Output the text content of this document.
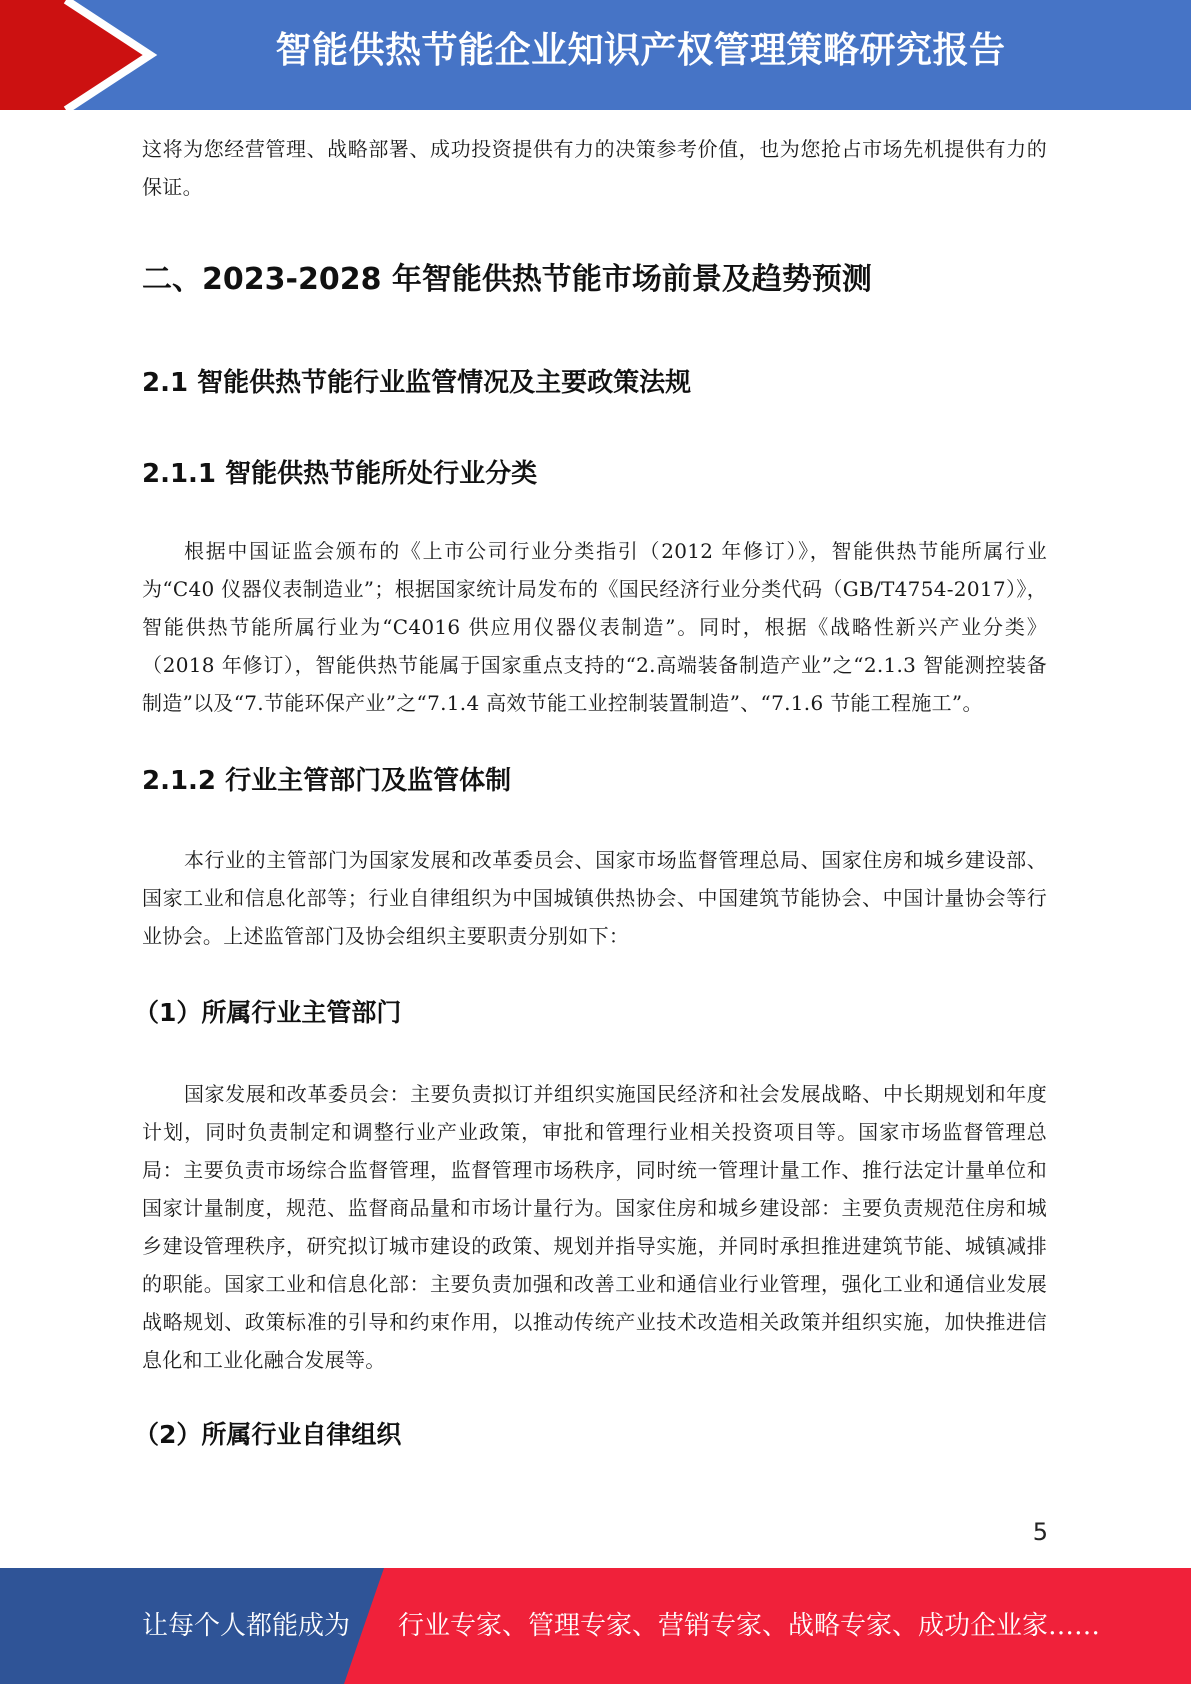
智能供热节能企业知识产权管理策略研究报告

这将为您经营管理、战略部署、成功投资提供有力的决策参考价值，也为您抢占市场先机提供有力的保证。

二、2023-2028 年智能供热节能市场前景及趋势预测
2.1 智能供热节能行业监管情况及主要政策法规
2.1.1 智能供热节能所处行业分类

根据中国证监会颁布的《上市公司行业分类指引（2012 年修订）》，智能供热节能所属行业为“C40 仪器仪表制造业”；根据国家统计局发布的《国民经济行业分类代码（GB/T4754-2017）》，智能供热节能所属行业为“C4016 供应用仪器仪表制造”。同时，根据《战略性新兴产业分类》（2018 年修订），智能供热节能属于国家重点支持的“2.高端装备制造产业”之“2.1.3 智能测控装备制造”以及“7.节能环保产业”之“7.1.4 高效节能工业控制装置制造”、“7.1.6 节能工程施工”。

2.1.2 行业主管部门及监管体制

本行业的主管部门为国家发展和改革委员会、国家市场监督管理总局、国家住房和城乡建设部、国家工业和信息化部等；行业自律组织为中国城镇供热协会、中国建筑节能协会、中国计量协会等行业协会。上述监管部门及协会组织主要职责分别如下：

（1）所属行业主管部门

国家发展和改革委员会：主要负责拟订并组织实施国民经济和社会发展战略、中长期规划和年度计划，同时负责制定和调整行业产业政策，审批和管理行业相关投资项目等。国家市场监督管理总局：主要负责市场综合监督管理，监督管理市场秩序，同时统一管理计量工作、推行法定计量单位和国家计量制度，规范、监督商品量和市场计量行为。国家住房和城乡建设部：主要负责规范住房和城乡建设管理秩序，研究拟订城市建设的政策、规划并指导实施，并同时承担推进建筑节能、城镇减排的职能。国家工业和信息化部：主要负责加强和改善工业和通信业行业管理，强化工业和通信业发展战略规划、政策标准的引导和约束作用，以推动传统产业技术改造相关政策并组织实施，加快推进信息化和工业化融合发展等。

（2）所属行业自律组织
5
让每个人都能成为 行业专家、管理专家、营销专家、战略专家、成功企业家……
